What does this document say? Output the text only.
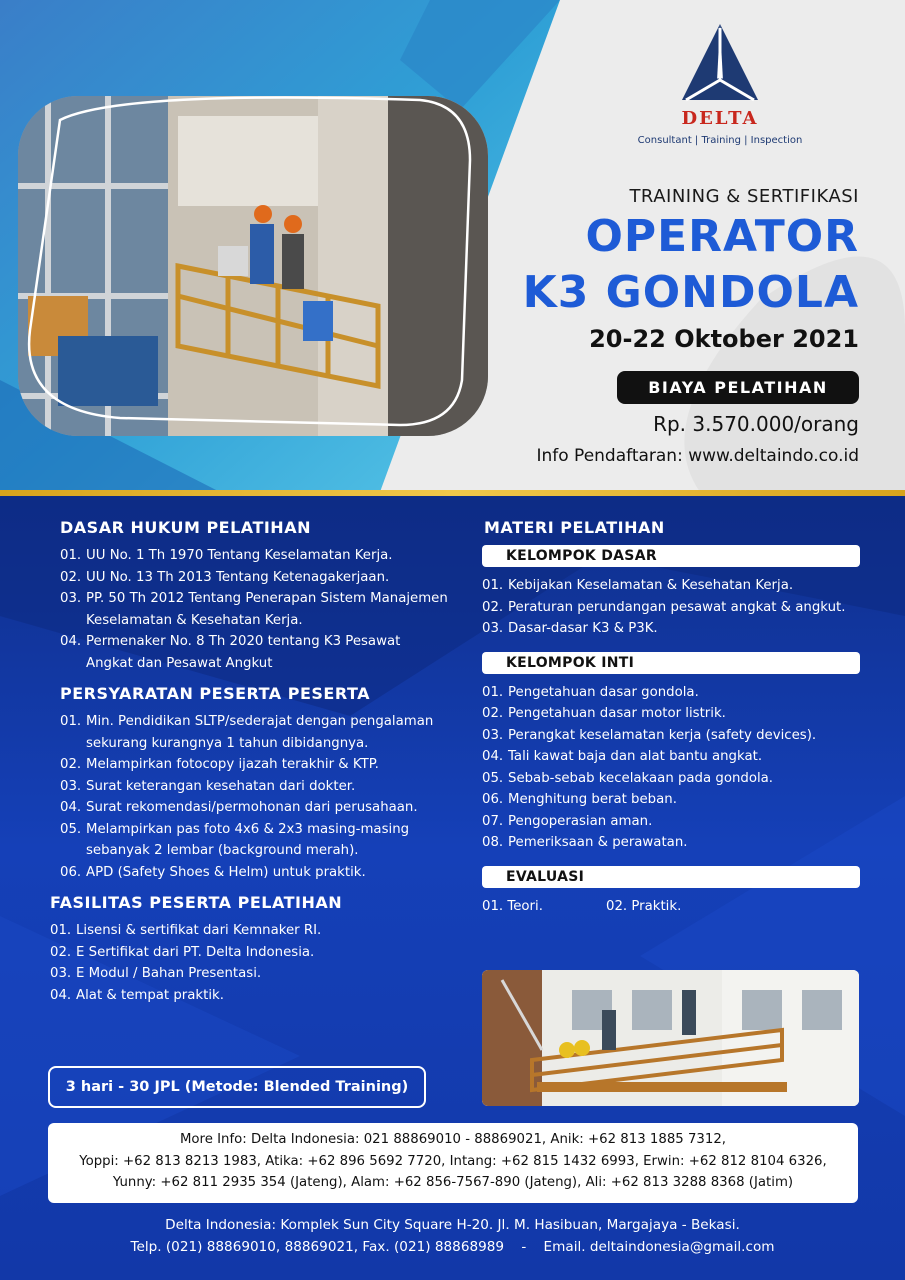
DELTA
Consultant | Training | Inspection
TRAINING & SERTIFIKASI
OPERATOR
K3 GONDOLA
20-22 Oktober 2021
BIAYA PELATIHAN
Rp. 3.570.000/orang
Info Pendaftaran: www.deltaindo.co.id
DASAR HUKUM PELATIHAN
01. UU No. 1 Th 1970 Tentang Keselamatan Kerja.
02. UU No. 13 Th 2013 Tentang Ketenagakerjaan.
03. PP. 50 Th 2012 Tentang Penerapan Sistem Manajemen Keselamatan & Kesehatan Kerja.
04. Permenaker No. 8 Th 2020 tentang K3 Pesawat Angkat dan Pesawat Angkut
PERSYARATAN PESERTA PESERTA
01. Min. Pendidikan SLTP/sederajat dengan pengalaman sekurang kurangnya 1 tahun dibidangnya.
02. Melampirkan fotocopy ijazah terakhir & KTP.
03. Surat keterangan kesehatan dari dokter.
04. Surat rekomendasi/permohonan dari perusahaan.
05. Melampirkan pas foto 4x6 & 2x3 masing-masing sebanyak 2 lembar (background merah).
06. APD (Safety Shoes & Helm) untuk praktik.
FASILITAS PESERTA PELATIHAN
01. Lisensi & sertifikat dari Kemnaker RI.
02. E Sertifikat dari PT. Delta Indonesia.
03. E Modul / Bahan Presentasi.
04. Alat & tempat praktik.
3 hari - 30 JPL (Metode: Blended Training)
MATERI PELATIHAN
KELOMPOK DASAR
01. Kebijakan Keselamatan & Kesehatan Kerja.
02. Peraturan perundangan pesawat angkat & angkut.
03. Dasar-dasar K3 & P3K.
KELOMPOK INTI
01. Pengetahuan dasar gondola.
02. Pengetahuan dasar motor listrik.
03. Perangkat keselamatan kerja (safety devices).
04. Tali kawat baja dan alat bantu angkat.
05. Sebab-sebab kecelakaan pada gondola.
06. Menghitung berat beban.
07. Pengoperasian aman.
08. Pemeriksaan & perawatan.
EVALUASI
01. Teori.	02. Praktik.
More Info: Delta Indonesia: 021 88869010 - 88869021, Anik: +62 813 1885 7312,
Yoppi: +62 813 8213 1983, Atika: +62 896 5692 7720, Intang: +62 815 1432 6993, Erwin: +62 812 8104 6326,
Yunny: +62 811 2935 354 (Jateng), Alam: +62 856-7567-890 (Jateng), Ali: +62 813 3288 8368 (Jatim)
Delta Indonesia: Komplek Sun City Square H-20. Jl. M. Hasibuan, Margajaya - Bekasi.
Telp. (021) 88869010, 88869021, Fax. (021) 88868989    -    Email. deltaindonesia@gmail.com
